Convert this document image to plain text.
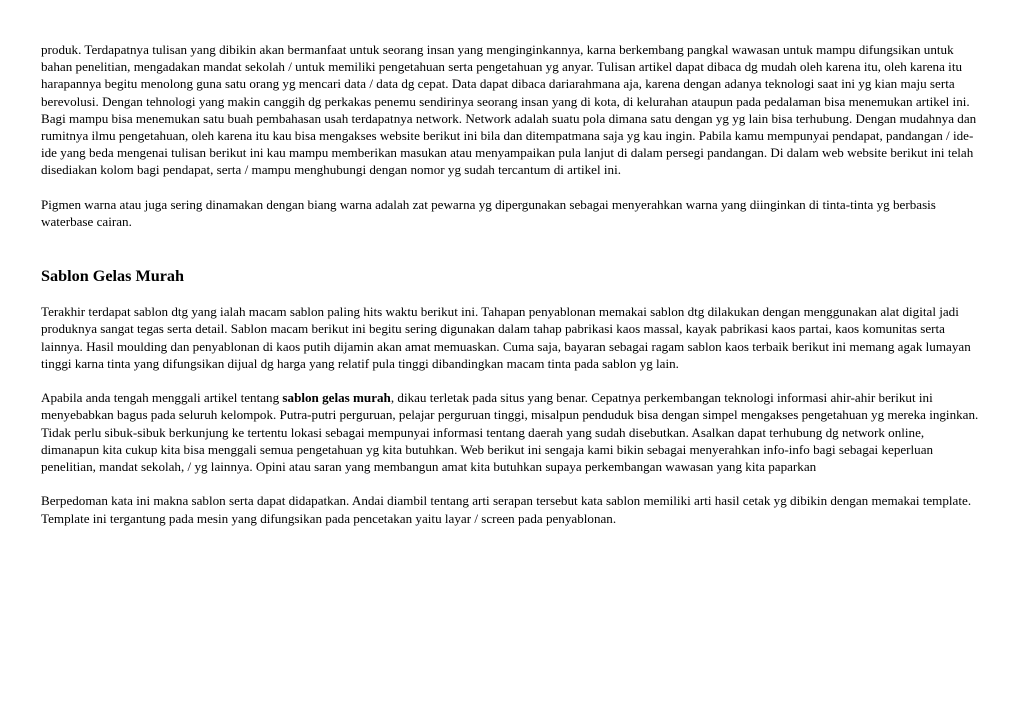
produk. Terdapatnya tulisan yang dibikin akan bermanfaat untuk seorang insan yang menginginkannya, karna berkembang pangkal wawasan untuk mampu difungsikan untuk bahan penelitian, mengadakan mandat sekolah / untuk memiliki pengetahuan serta pengetahuan yg anyar. Tulisan artikel dapat dibaca dg mudah oleh karena itu, oleh karena itu harapannya begitu menolong guna satu orang yg mencari data / data dg cepat. Data dapat dibaca dariarahmana aja, karena dengan adanya teknologi saat ini yg kian maju serta berevolusi. Dengan tehnologi yang makin canggih dg perkakas penemu sendirinya seorang insan yang di kota, di kelurahan ataupun pada pedalaman bisa menemukan artikel ini. Bagi mampu bisa menemukan satu buah pembahasan usah terdapatnya network. Network adalah suatu pola dimana satu dengan yg yg lain bisa terhubung. Dengan mudahnya dan rumitnya ilmu pengetahuan, oleh karena itu kau bisa mengakses website berikut ini bila dan ditempatmana saja yg kau ingin. Pabila kamu mempunyai pendapat, pandangan / ide-ide yang beda mengenai tulisan berikut ini kau mampu memberikan masukan atau menyampaikan pula lanjut di dalam persegi pandangan. Di dalam web website berikut ini telah disediakan kolom bagi pendapat, serta / mampu menghubungi dengan nomor yg sudah tercantum di artikel ini.

Pigmen warna atau juga sering dinamakan dengan biang warna adalah zat pewarna yg dipergunakan sebagai menyerahkan warna yang diinginkan di tinta-tinta yg berbasis waterbase cairan.

Sablon Gelas Murah

Terakhir terdapat sablon dtg yang ialah macam sablon paling hits waktu berikut ini. Tahapan penyablonan memakai sablon dtg dilakukan dengan menggunakan alat digital jadi produknya sangat tegas serta detail. Sablon macam berikut ini begitu sering digunakan dalam tahap pabrikasi kaos massal, kayak pabrikasi kaos partai, kaos komunitas serta lainnya. Hasil moulding dan penyablonan di kaos putih dijamin akan amat memuaskan. Cuma saja, bayaran sebagai ragam sablon kaos terbaik berikut ini memang agak lumayan tinggi karna tinta yang difungsikan dijual dg harga yang relatif pula tinggi dibandingkan macam tinta pada sablon yg lain.

Apabila anda tengah menggali artikel tentang sablon gelas murah, dikau terletak pada situs yang benar. Cepatnya perkembangan teknologi informasi ahir-ahir berikut ini menyebabkan bagus pada seluruh kelompok. Putra-putri perguruan, pelajar perguruan tinggi, misalpun penduduk bisa dengan simpel mengakses pengetahuan yg mereka inginkan. Tidak perlu sibuk-sibuk berkunjung ke tertentu lokasi sebagai mempunyai informasi tentang daerah yang sudah disebutkan. Asalkan dapat terhubung dg network online, dimanapun kita cukup kita bisa menggali semua pengetahuan yg kita butuhkan. Web berikut ini sengaja kami bikin sebagai menyerahkan info-info bagi sebagai keperluan penelitian, mandat sekolah, / yg lainnya. Opini atau saran yang membangun amat kita butuhkan supaya perkembangan wawasan yang kita paparkan

Berpedoman kata ini makna sablon serta dapat didapatkan. Andai diambil tentang arti serapan tersebut kata sablon memiliki arti hasil cetak yg dibikin dengan memakai template. Template ini tergantung pada mesin yang difungsikan pada pencetakan yaitu layar / screen pada penyablonan.
